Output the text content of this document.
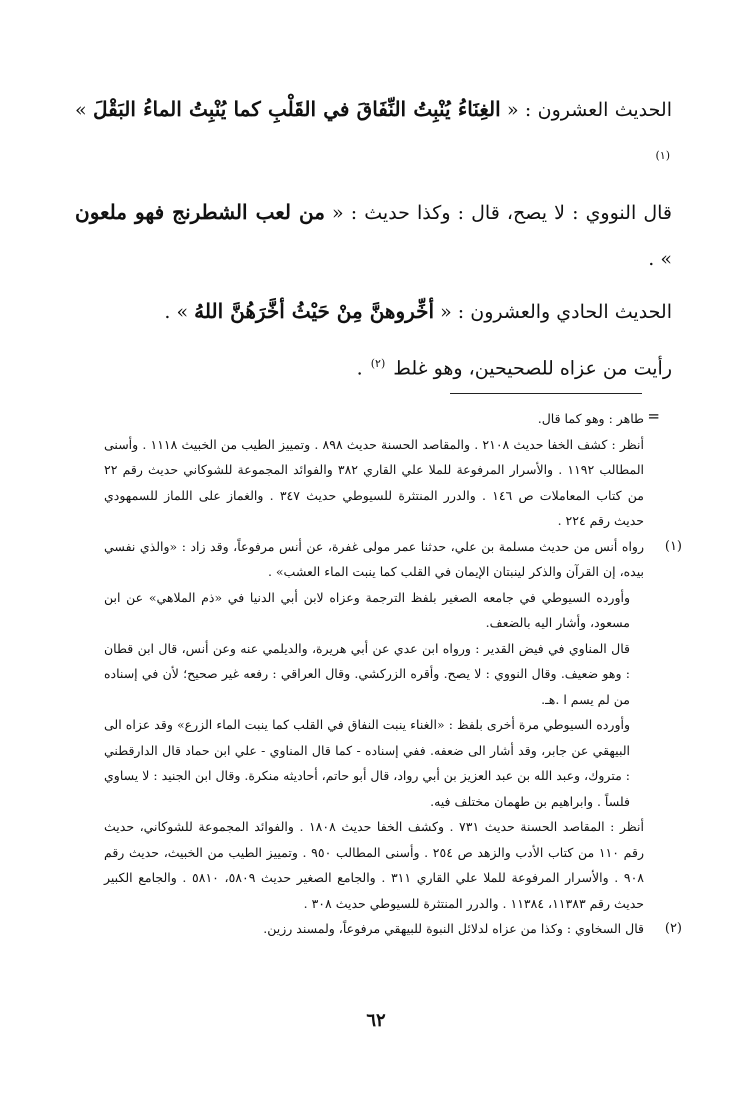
الحديث العشرون : « الغِنَاءُ يُنْبِتُ النِّفَاقَ في القَلْبِ كما يُنْبِتُ الماءُ البَقْلَ » $^{(١)}$

قال النووي : لا يصح، قال : وكذا حديث : « من لعب الشطرنج فهو ملعون » .

الحديث الحادي والعشرون : « أخِّروهنَّ مِنْ حَيْثُ أخَّرَهُنَّ اللهُ » .

رأيت من عزاه للصحيحين، وهو غلط $^{(٢)}$ .

=

طاهر : وهو كما قال.

أنظر : كشف الخفا حديث ٢١٠٨ . والمقاصد الحسنة حديث ٨٩٨ . وتمييز الطيب من الخبيث ١١١٨ . وأسنى المطالب ١١٩٢ . والأسرار المرفوعة للملا علي القاري ٣٨٢ والفوائد المجموعة للشوكاني حديث رقم ٢٢ من كتاب المعاملات ص ١٤٦ . والدرر المنتثرة للسيوطي حديث ٣٤٧ . والغماز على اللماز للسمهودي حديث رقم ٢٢٤ .

(١)

رواه أنس من حديث مسلمة بن علي، حدثنا عمر مولى غفرة، عن أنس مرفوعاً، وقد زاد : «والذي نفسي بيده، إن القرآن والذكر لينبتان الإيمان في القلب كما ينبت الماء العشب» .

وأورده السيوطي في جامعه الصغير بلفظ الترجمة وعزاه لابن أبي الدنيا في «ذم الملاهي» عن ابن مسعود، وأشار اليه بالضعف.

قال المناوي في فيض القدير : ورواه ابن عدي عن أبي هريرة، والديلمي عنه وعن أنس، قال ابن قطان : وهو ضعيف. وقال النووي : لا يصح. وأقره الزركشي. وقال العراقي : رفعه غير صحيح؛ لأن في إسناده من لم يسم ا .هـ.

وأورده السيوطي مرة أخرى بلفظ : «الغناء ينبت النفاق في القلب كما ينبت الماء الزرع» وقد عزاه الى البيهقي عن جابر، وقد أشار الى ضعفه. ففي إسناده - كما قال المناوي - علي ابن حماد قال الدارقطني : متروك، وعبد الله بن عبد العزيز بن أبي رواد، قال أبو حاتم، أحاديثه منكرة. وقال ابن الجنيد : لا يساوي فلساً . وابراهيم بن طهمان مختلف فيه.

أنظر : المقاصد الحسنة حديث ٧٣١ . وكشف الخفا حديث ١٨٠٨ . والفوائد المجموعة للشوكاني، حديث رقم ١١٠ من كتاب الأدب والزهد ص ٢٥٤ . وأسنى المطالب ٩٥٠ . وتمييز الطيب من الخبيث، حديث رقم ٩٠٨ . والأسرار المرفوعة للملا علي القاري ٣١١ . والجامع الصغير حديث ٥٨٠٩، ٥٨١٠ . والجامع الكبير حديث رقم ١١٣٨٣، ١١٣٨٤ . والدرر المنتثرة للسيوطي حديث ٣٠٨ .

(٢)

قال السخاوي : وكذا من عزاه لدلائل النبوة للبيهقي مرفوعاً، ولمسند رزين.

٦٢
